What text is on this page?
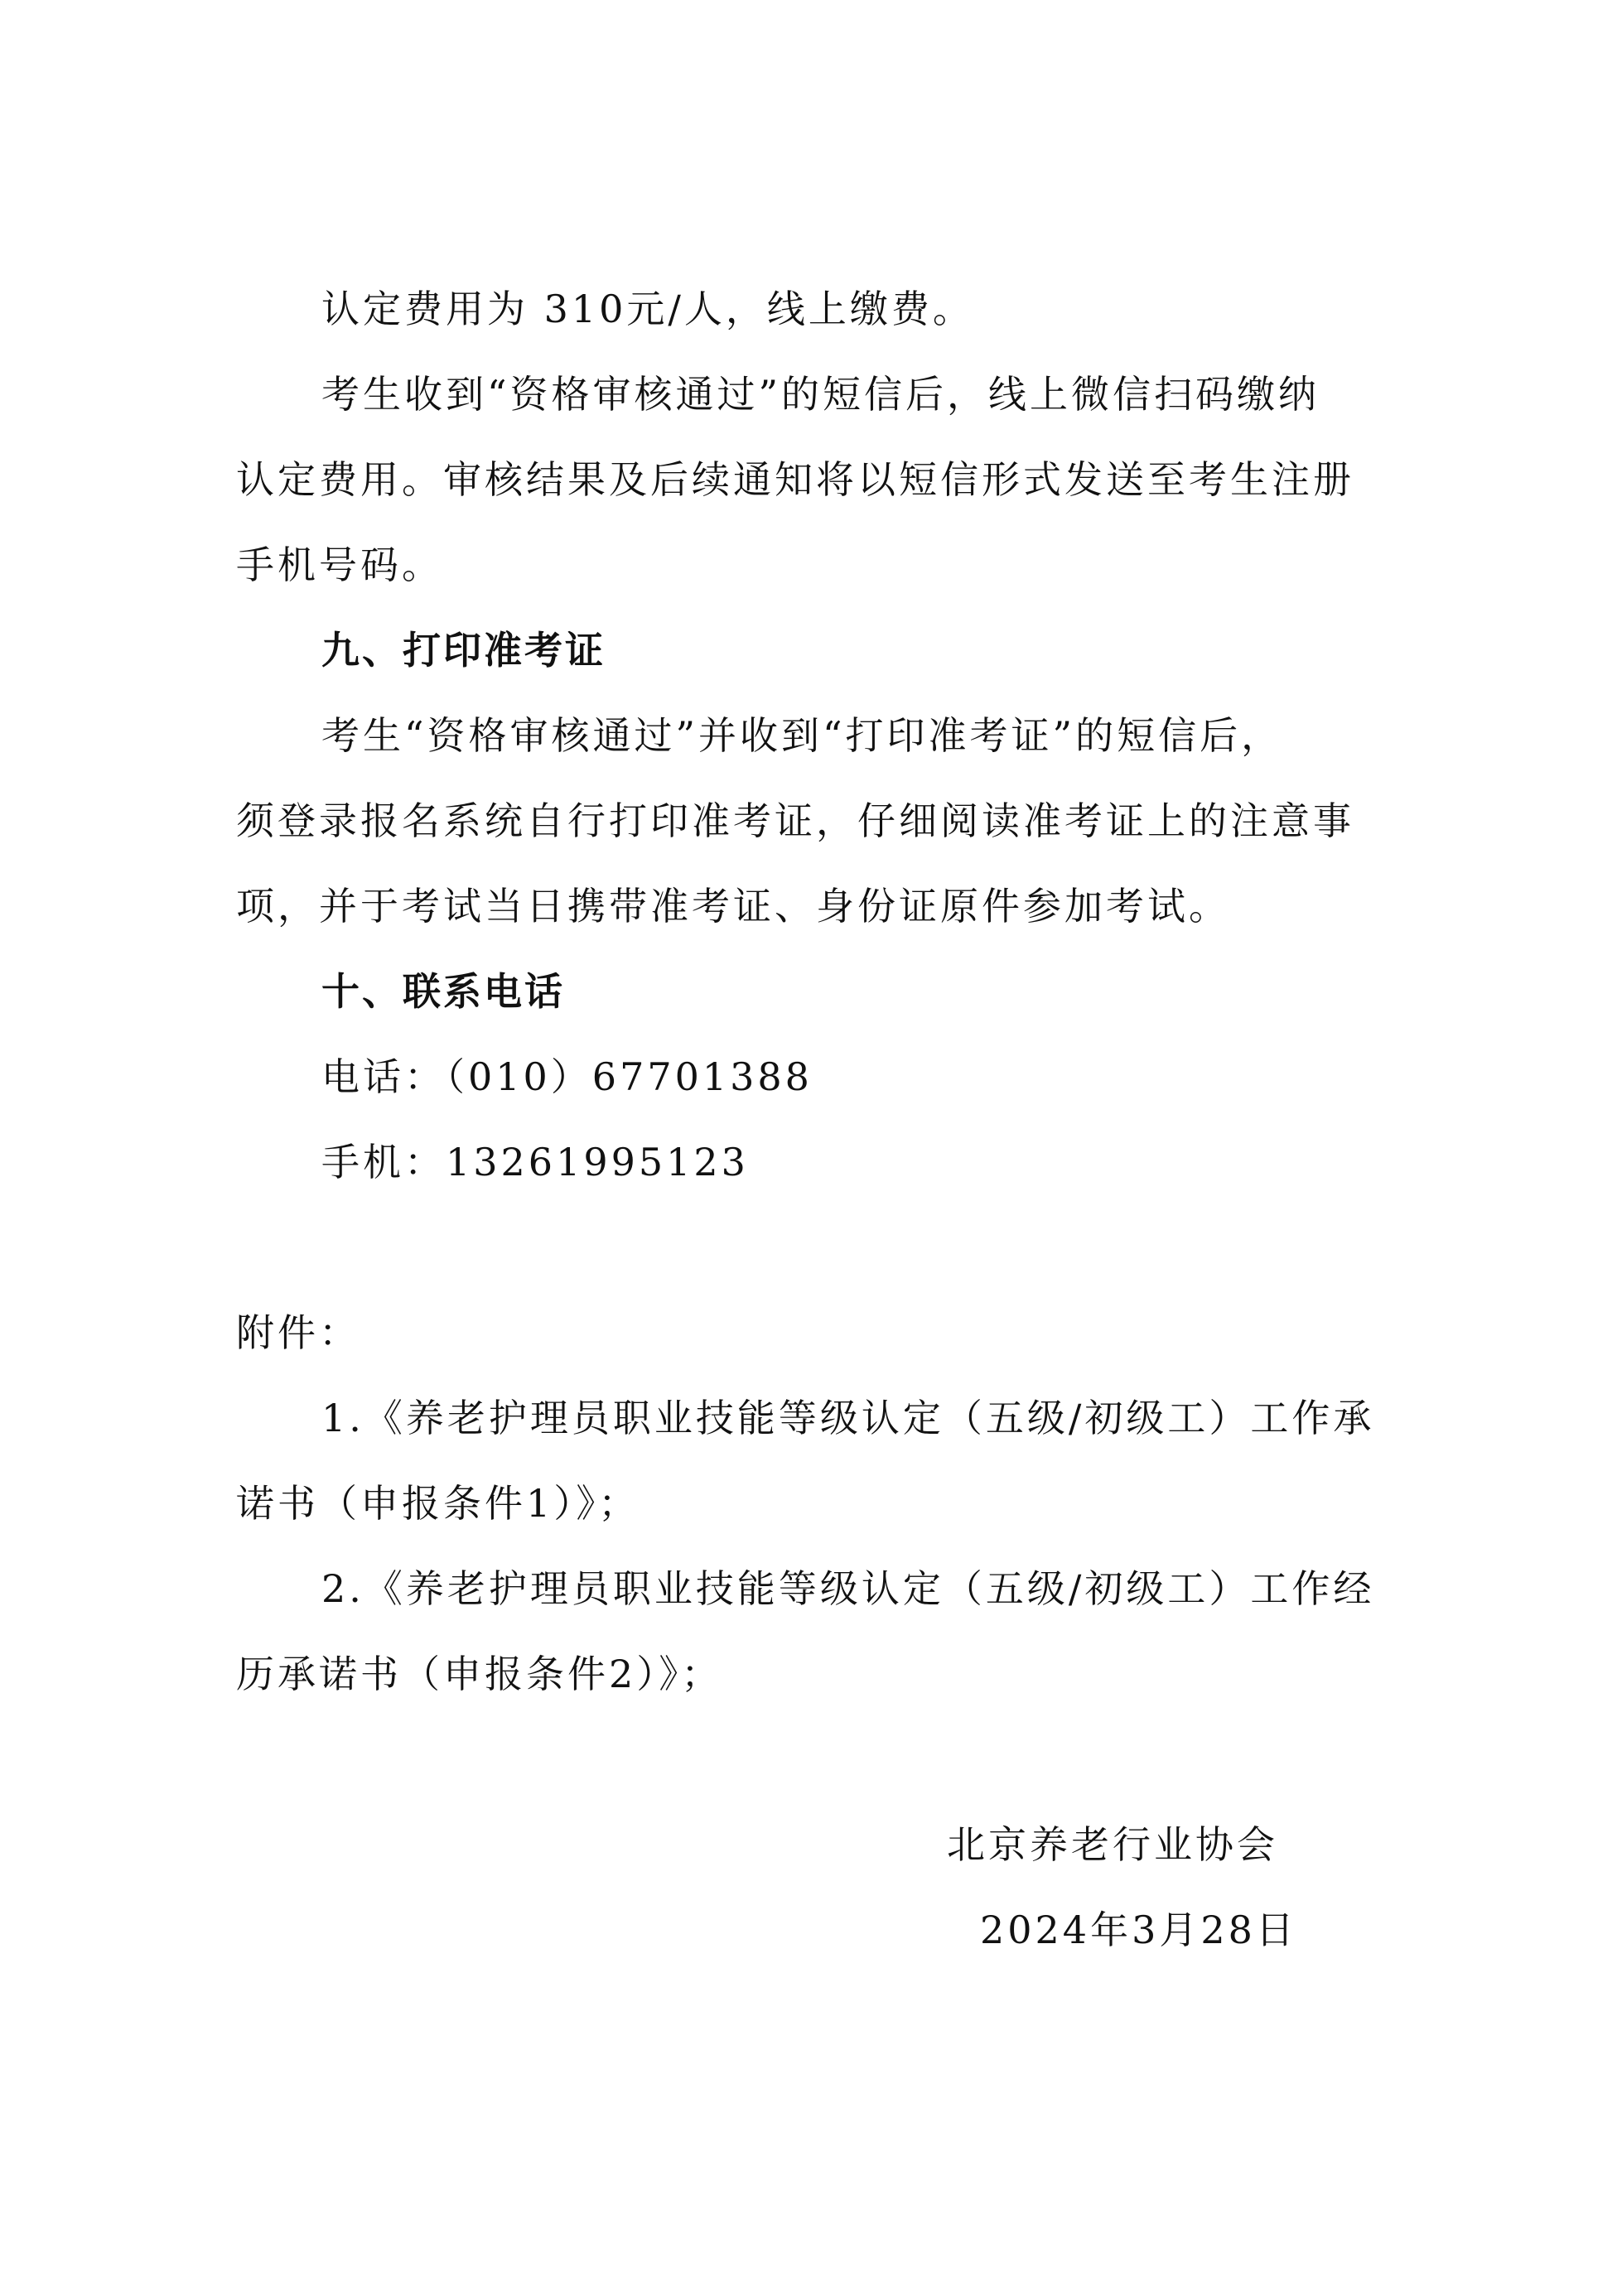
认定费用为 310元/人，线上缴费。
考生收到“资格审核通过”的短信后，线上微信扫码缴纳
认定费用。审核结果及后续通知将以短信形式发送至考生注册
手机号码。
九、打印准考证
考生“资格审核通过”并收到“打印准考证”的短信后，
须登录报名系统自行打印准考证，仔细阅读准考证上的注意事
项，并于考试当日携带准考证、身份证原件参加考试。
十、联系电话
电话：（010）67701388
手机：13261995123
附件：
1.《养老护理员职业技能等级认定（五级/初级工）工作承
诺书（申报条件1）》；
2.《养老护理员职业技能等级认定（五级/初级工）工作经
历承诺书（申报条件2）》；
北京养老行业协会
2024年3月28日
